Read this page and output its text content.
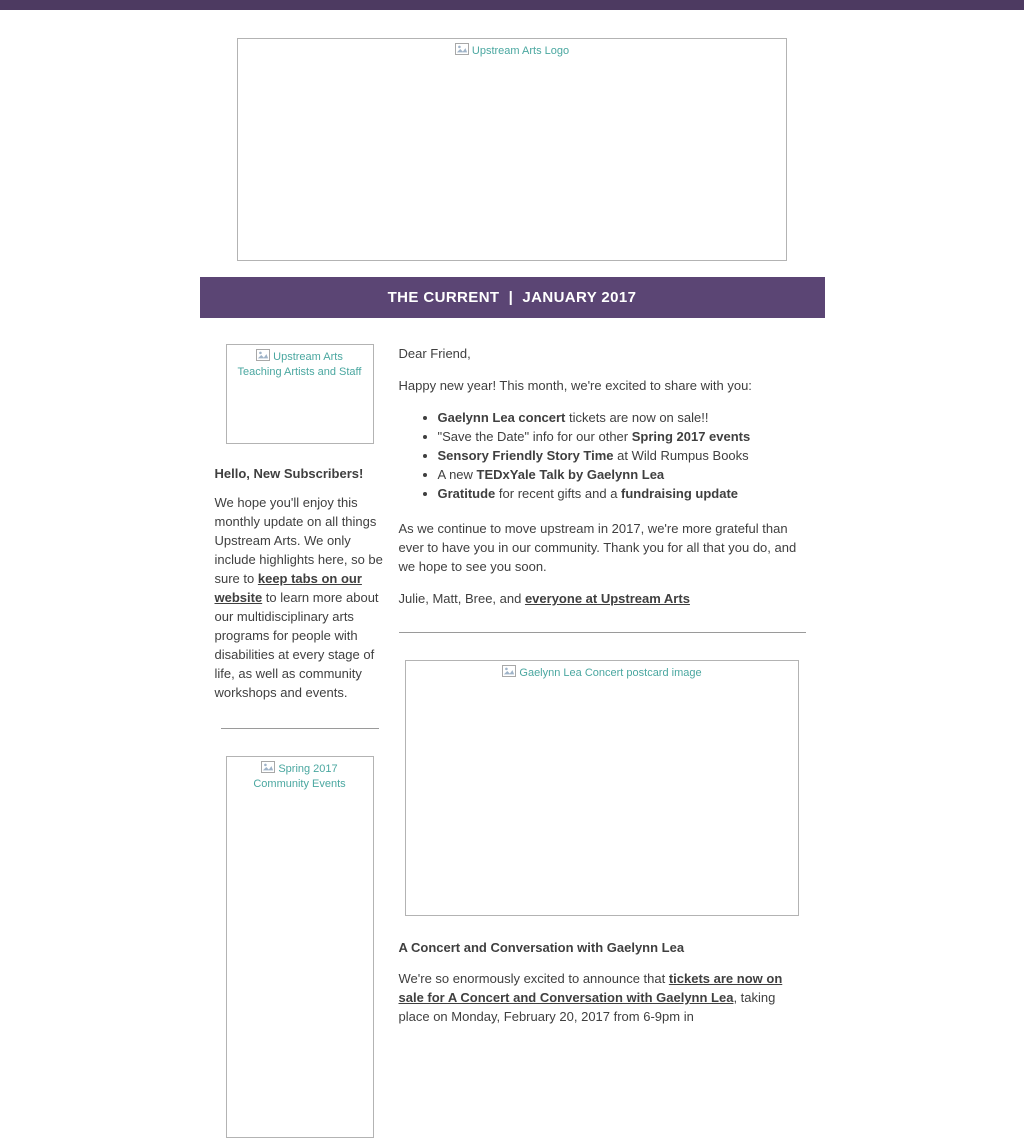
Upstream Arts Logo
THE CURRENT  |  JANUARY 2017
Upstream Arts Teaching Artists and Staff

Hello, New Subscribers!

We hope you'll enjoy this monthly update on all things Upstream Arts. We only include highlights here, so be sure to keep tabs on our website to learn more about our multidisciplinary arts programs for people with disabilities at every stage of life, as well as community workshops and events.

Spring 2017 Community Events

Dear Friend,

Happy new year! This month, we're excited to share with you:

• Gaelynn Lea concert tickets are now on sale!!
• "Save the Date" info for our other Spring 2017 events
• Sensory Friendly Story Time at Wild Rumpus Books
• A new TEDxYale Talk by Gaelynn Lea
• Gratitude for recent gifts and a fundraising update

As we continue to move upstream in 2017, we're more grateful than ever to have you in our community. Thank you for all that you do, and we hope to see you soon.

Julie, Matt, Bree, and everyone at Upstream Arts

Gaelynn Lea Concert postcard image

A Concert and Conversation with Gaelynn Lea

We're so enormously excited to announce that tickets are now on sale for A Concert and Conversation with Gaelynn Lea, taking place on Monday, February 20, 2017 from 6-9pm in
